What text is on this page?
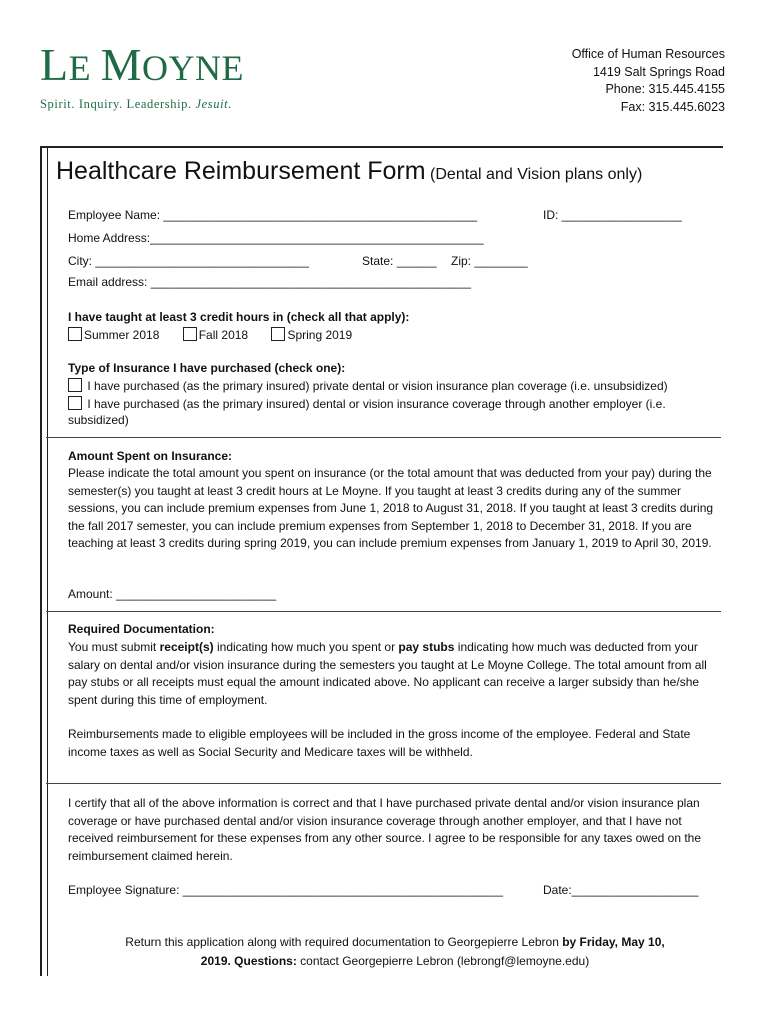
LE MOYNE
Spirit. Inquiry. Leadership. Jesuit.
Office of Human Resources
1419 Salt Springs Road
Phone: 315.445.4155
Fax: 315.445.6023
Healthcare Reimbursement Form (Dental and Vision plans only)
Employee Name: _______________________________________________	ID: __________________
Home Address:__________________________________________________
City: ________________________________	State: ______ Zip: ________
Email address: ________________________________________________
I have taught at least 3 credit hours in (check all that apply):
Summer 2018	Fall 2018	Spring 2019
Type of Insurance I have purchased (check one):
I have purchased (as the primary insured) private dental or vision insurance plan coverage (i.e. unsubsidized)
I have purchased (as the primary insured) dental or vision insurance coverage through another employer (i.e.
subsidized)
Amount Spent on Insurance:
Please indicate the total amount you spent on insurance (or the total amount that was deducted from your pay) during the semester(s) you taught at least 3 credit hours at Le Moyne. If you taught at least 3 credits during any of the summer sessions, you can include premium expenses from June 1, 2018 to August 31, 2018. If you taught at least 3 credits during the fall 2017 semester, you can include premium expenses from September 1, 2018 to December 31, 2018. If you are teaching at least 3 credits during spring 2019, you can include premium expenses from January 1, 2019 to April 30, 2019.
Amount: ________________________
Required Documentation:
You must submit receipt(s) indicating how much you spent or pay stubs indicating how much was deducted from your salary on dental and/or vision insurance during the semesters you taught at Le Moyne College. The total amount from all pay stubs or all receipts must equal the amount indicated above. No applicant can receive a larger subsidy than he/she spent during this time of employment.
Reimbursements made to eligible employees will be included in the gross income of the employee. Federal and State income taxes as well as Social Security and Medicare taxes will be withheld.
I certify that all of the above information is correct and that I have purchased private dental and/or vision insurance plan coverage or have purchased dental and/or vision insurance coverage through another employer, and that I have not received reimbursement for these expenses from any other source. I agree to be responsible for any taxes owed on the reimbursement claimed herein.
Employee Signature: ________________________________________________	Date:___________________
Return this application along with required documentation to Georgepierre Lebron by Friday, May 10,
2019. Questions: contact Georgepierre Lebron (lebrongf@lemoyne.edu)
